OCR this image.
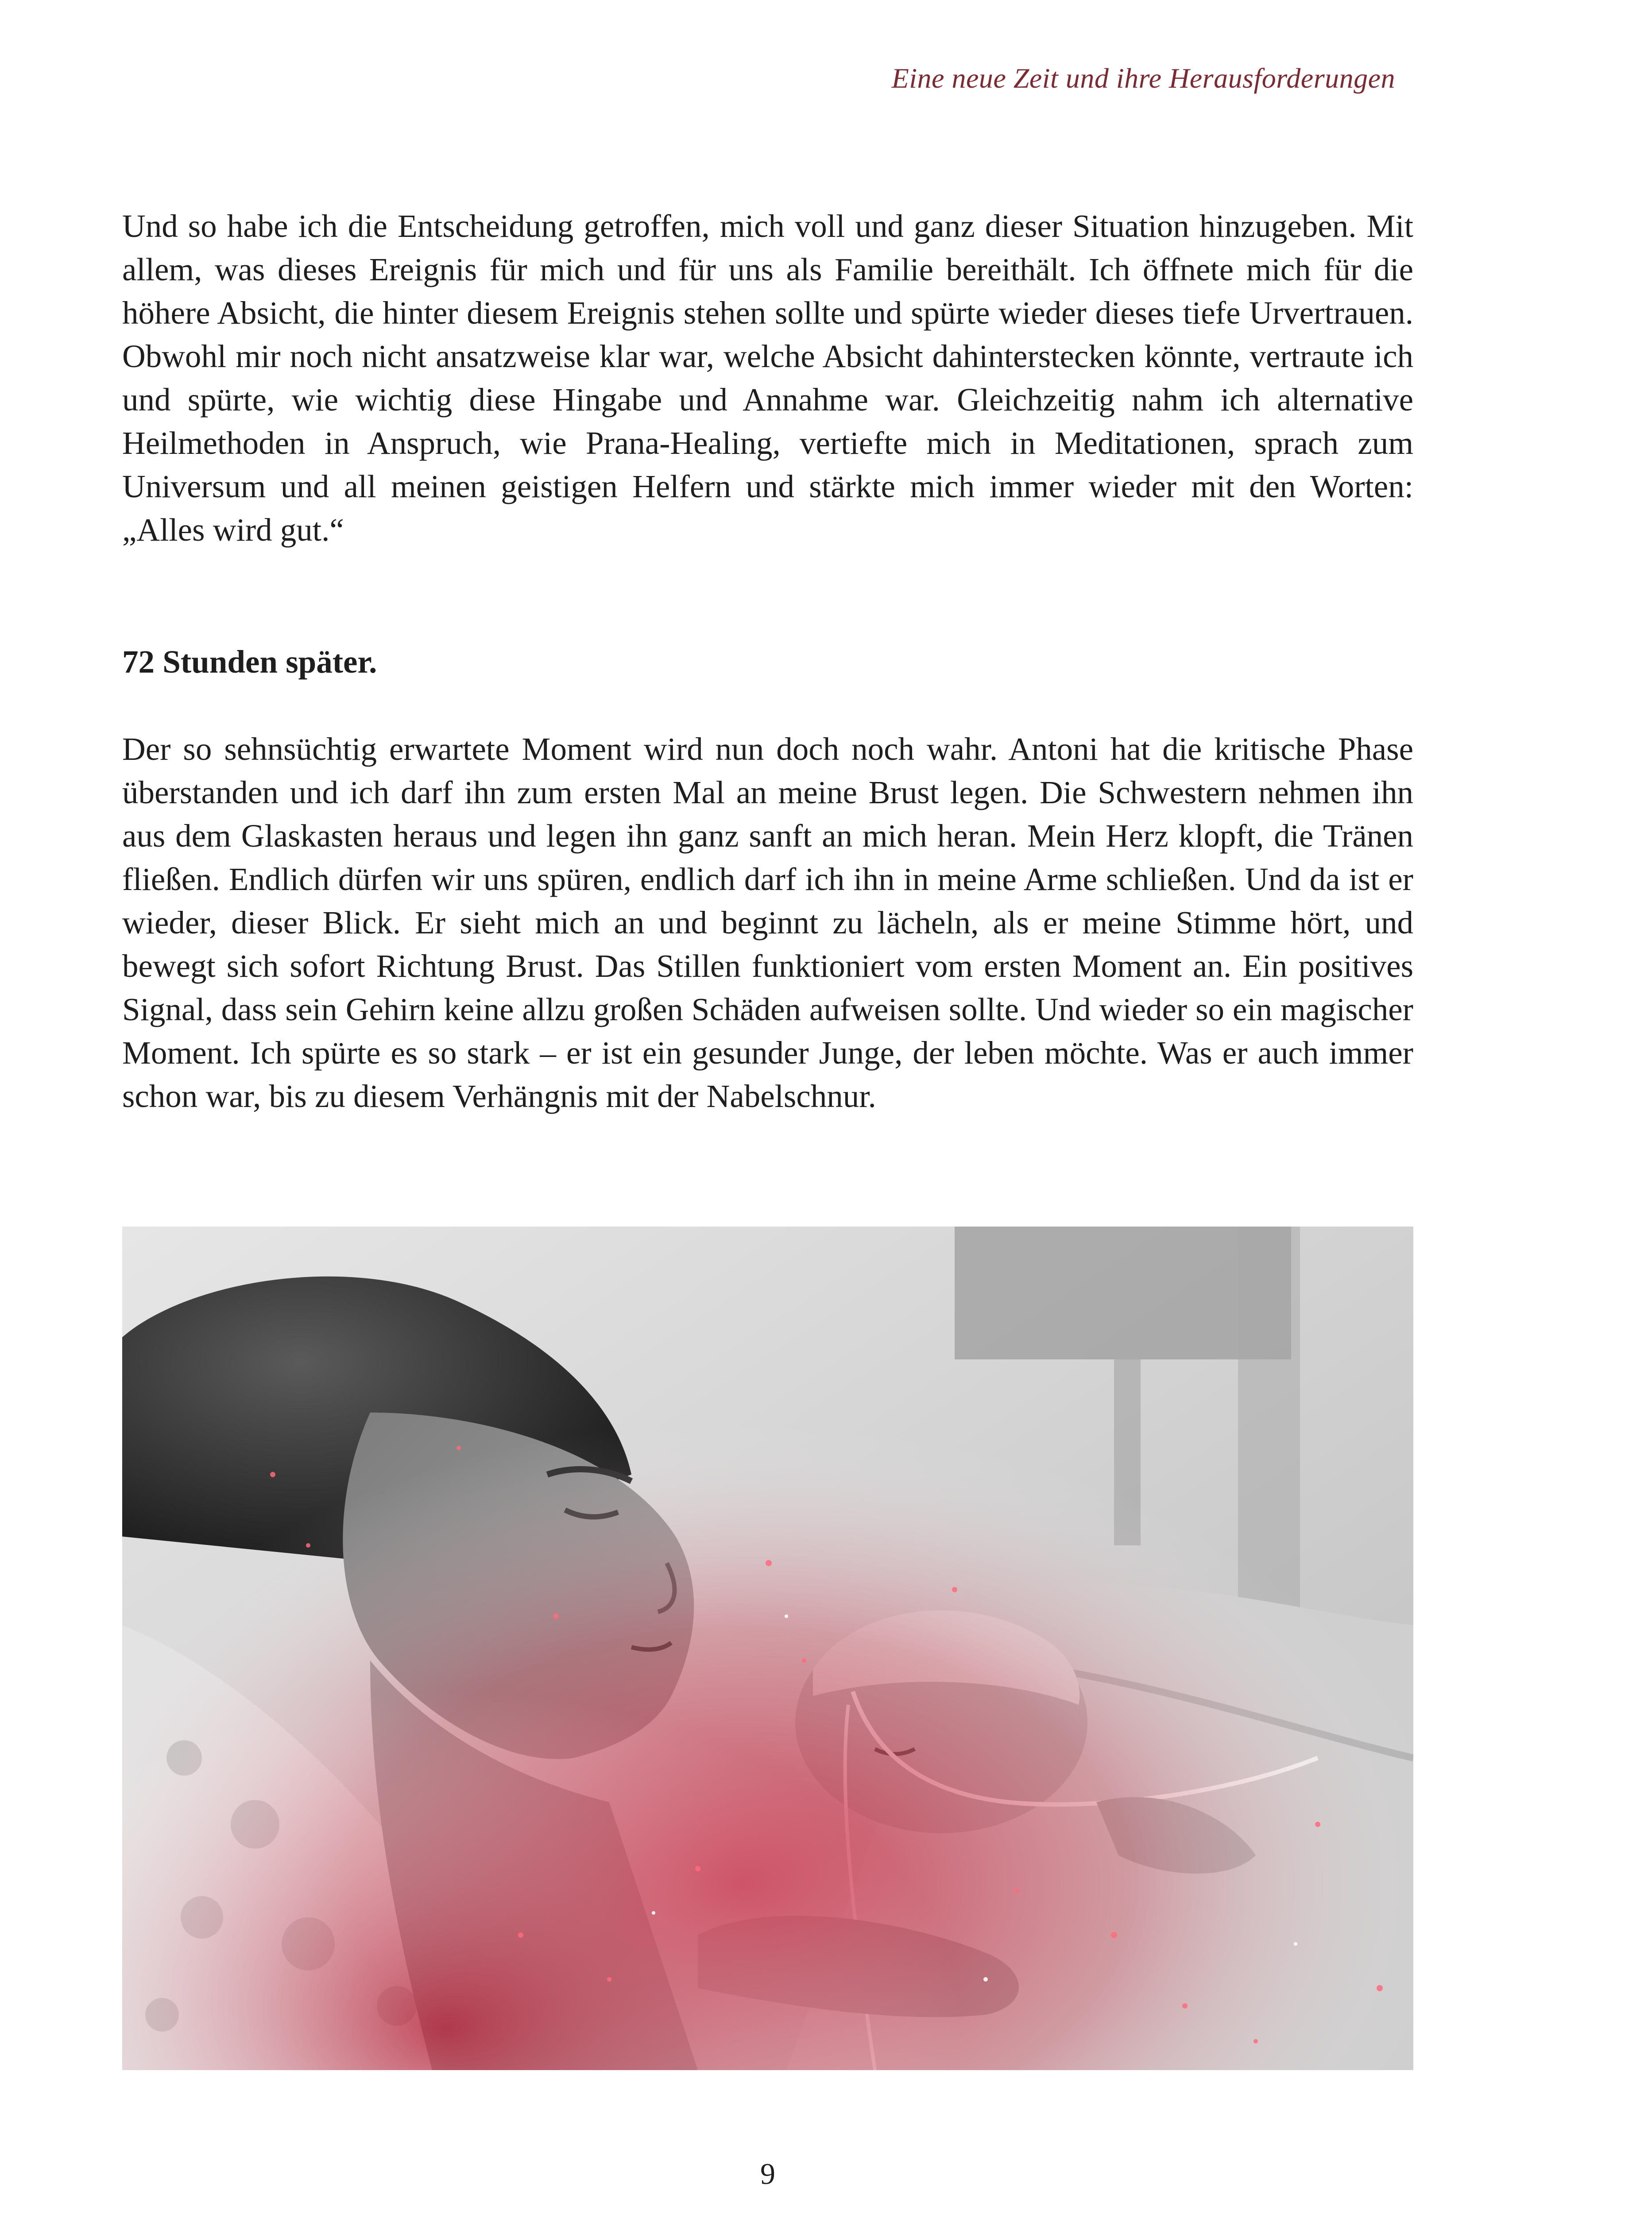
Eine neue Zeit und ihre Herausforderungen

Und so habe ich die Entscheidung getroffen, mich voll und ganz dieser Situation hinzugeben. Mit allem, was dieses Ereignis für mich und für uns als Familie bereithält. Ich öffnete mich für die höhere Absicht, die hinter diesem Ereignis stehen sollte und spürte wieder dieses tiefe Urvertrauen. Obwohl mir noch nicht ansatzweise klar war, welche Absicht dahinterstecken könnte, vertraute ich und spürte, wie wichtig diese Hingabe und Annahme war. Gleichzeitig nahm ich alternative Heilmethoden in Anspruch, wie Prana-Healing, vertiefte mich in Meditationen, sprach zum Universum und all meinen geistigen Helfern und stärkte mich immer wieder mit den Worten: „Alles wird gut.“

72 Stunden später.

Der so sehnsüchtig erwartete Moment wird nun doch noch wahr. Antoni hat die kritische Phase überstanden und ich darf ihn zum ersten Mal an meine Brust legen. Die Schwestern nehmen ihn aus dem Glaskasten heraus und legen ihn ganz sanft an mich heran. Mein Herz klopft, die Tränen fließen. Endlich dürfen wir uns spüren, endlich darf ich ihn in meine Arme schließen. Und da ist er wieder, dieser Blick. Er sieht mich an und beginnt zu lächeln, als er meine Stimme hört, und bewegt sich sofort Richtung Brust. Das Stillen funktioniert vom ersten Moment an. Ein positives Signal, dass sein Gehirn keine allzu großen Schäden aufweisen sollte. Und wieder so ein magischer Moment. Ich spürte es so stark – er ist ein gesunder Junge, der leben möchte. Was er auch immer schon war, bis zu diesem Verhängnis mit der Nabelschnur.

9
